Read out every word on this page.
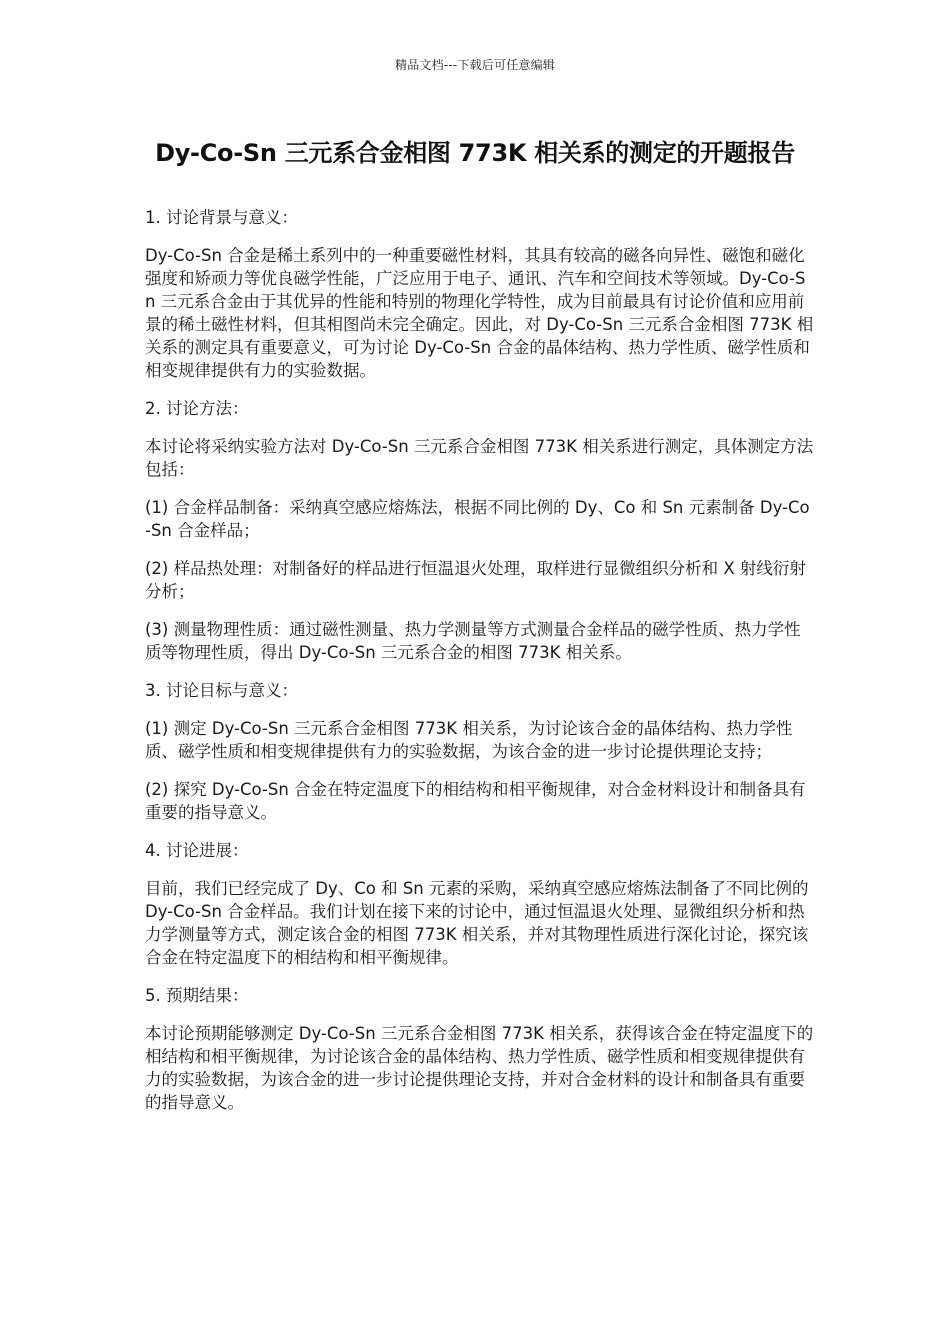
精品文档---下载后可任意编辑
Dy-Co-Sn 三元系合金相图 773K 相关系的测定的开题报告

1. 讨论背景与意义：

Dy-Co-Sn 合金是稀土系列中的一种重要磁性材料，其具有较高的磁各向异性、磁饱和磁化强度和矫顽力等优良磁学性能，广泛应用于电子、通讯、汽车和空间技术等领域。Dy-Co-Sn 三元系合金由于其优异的性能和特别的物理化学特性，成为目前最具有讨论价值和应用前景的稀土磁性材料，但其相图尚未完全确定。因此，对 Dy-Co-Sn 三元系合金相图 773K 相关系的测定具有重要意义，可为讨论 Dy-Co-Sn 合金的晶体结构、热力学性质、磁学性质和相变规律提供有力的实验数据。

2. 讨论方法：

本讨论将采纳实验方法对 Dy-Co-Sn 三元系合金相图 773K 相关系进行测定，具体测定方法包括：

(1) 合金样品制备：采纳真空感应熔炼法，根据不同比例的 Dy、Co 和 Sn 元素制备 Dy-Co-Sn 合金样品；

(2) 样品热处理：对制备好的样品进行恒温退火处理，取样进行显微组织分析和 X 射线衍射分析；

(3) 测量物理性质：通过磁性测量、热力学测量等方式测量合金样品的磁学性质、热力学性质等物理性质，得出 Dy-Co-Sn 三元系合金的相图 773K 相关系。

3. 讨论目标与意义：

(1) 测定 Dy-Co-Sn 三元系合金相图 773K 相关系，为讨论该合金的晶体结构、热力学性质、磁学性质和相变规律提供有力的实验数据，为该合金的进一步讨论提供理论支持；

(2) 探究 Dy-Co-Sn 合金在特定温度下的相结构和相平衡规律，对合金材料设计和制备具有重要的指导意义。

4. 讨论进展：

目前，我们已经完成了 Dy、Co 和 Sn 元素的采购，采纳真空感应熔炼法制备了不同比例的 Dy-Co-Sn 合金样品。我们计划在接下来的讨论中，通过恒温退火处理、显微组织分析和热力学测量等方式，测定该合金的相图 773K 相关系，并对其物理性质进行深化讨论，探究该合金在特定温度下的相结构和相平衡规律。

5. 预期结果：

本讨论预期能够测定 Dy-Co-Sn 三元系合金相图 773K 相关系，获得该合金在特定温度下的相结构和相平衡规律，为讨论该合金的晶体结构、热力学性质、磁学性质和相变规律提供有力的实验数据，为该合金的进一步讨论提供理论支持，并对合金材料的设计和制备具有重要的指导意义。
